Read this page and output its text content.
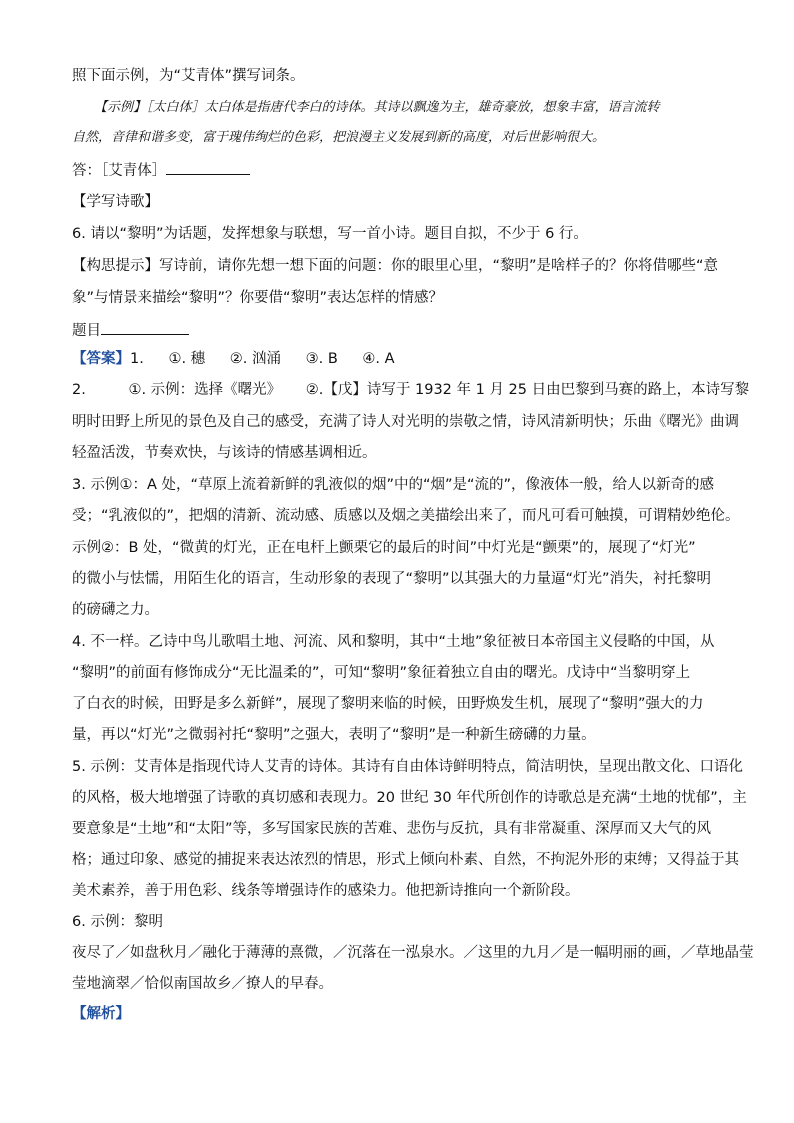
照下面示例，为“艾青体”撰写词条。
【示例】［太白体］太白体是指唐代李白的诗体。其诗以飘逸为主，雄奇豪放，想象丰富，语言流转
自然，音律和谐多变，富于瑰伟绚烂的色彩，把浪漫主义发展到新的高度，对后世影响很大。
答：［艾青体］
【学写诗歌】
6. 请以“黎明”为话题，发挥想象与联想，写一首小诗。题目自拟，不少于 6 行。
【构思提示】写诗前，请你先想一想下面的问题：你的眼里心里，“黎明”是啥样子的？你将借哪些“意
象”与情景来描绘“黎明”？你要借“黎明”表达怎样的情感？
题目
【答案】1. ①. 穗 ②. 汹涌 ③. B ④. A
2.	①. 示例：选择《曙光》 ②.【戊】诗写于 1932 年 1 月 25 日由巴黎到马赛的路上，本诗写黎
明时田野上所见的景色及自己的感受，充满了诗人对光明的崇敬之情，诗风清新明快；乐曲《曙光》曲调
轻盈活泼，节奏欢快，与该诗的情感基调相近。
3. 示例①：A 处，“草原上流着新鲜的乳液似的烟”中的“烟”是“流的”，像液体一般，给人以新奇的感
受；“乳液似的”，把烟的清新、流动感、质感以及烟之美描绘出来了，而凡可看可触摸，可谓精妙绝伦。
示例②：B 处，“微黄的灯光，正在电杆上颤栗它的最后的时间”中灯光是“颤栗”的，展现了“灯光”
的微小与怯懦，用陌生化的语言，生动形象的表现了“黎明”以其强大的力量逼“灯光”消失，衬托黎明
的磅礴之力。
4. 不一样。乙诗中鸟儿歌唱土地、河流、风和黎明，其中“土地”象征被日本帝国主义侵略的中国，从
“黎明”的前面有修饰成分“无比温柔的”，可知“黎明”象征着独立自由的曙光。戊诗中“当黎明穿上
了白衣的时候，田野是多么新鲜”，展现了黎明来临的时候，田野焕发生机，展现了“黎明”强大的力
量，再以“灯光”之微弱衬托“黎明”之强大，表明了“黎明”是一种新生磅礴的力量。
5. 示例：艾青体是指现代诗人艾青的诗体。其诗有自由体诗鲜明特点，简洁明快，呈现出散文化、口语化
的风格，极大地增强了诗歌的真切感和表现力。20 世纪 30 年代所创作的诗歌总是充满“土地的忧郁”，主
要意象是“土地”和“太阳”等，多写国家民族的苦难、悲伤与反抗，具有非常凝重、深厚而又大气的风
格；通过印象、感觉的捕捉来表达浓烈的情思，形式上倾向朴素、自然，不拘泥外形的束缚；又得益于其
美术素养，善于用色彩、线条等增强诗作的感染力。他把新诗推向一个新阶段。
6. 示例：黎明
夜尽了／如盘秋月／融化于薄薄的熹微，／沉落在一泓泉水。／这里的九月／是一幅明丽的画，／草地晶莹
莹地滴翠／恰似南国故乡／撩人的早春。
【解析】
